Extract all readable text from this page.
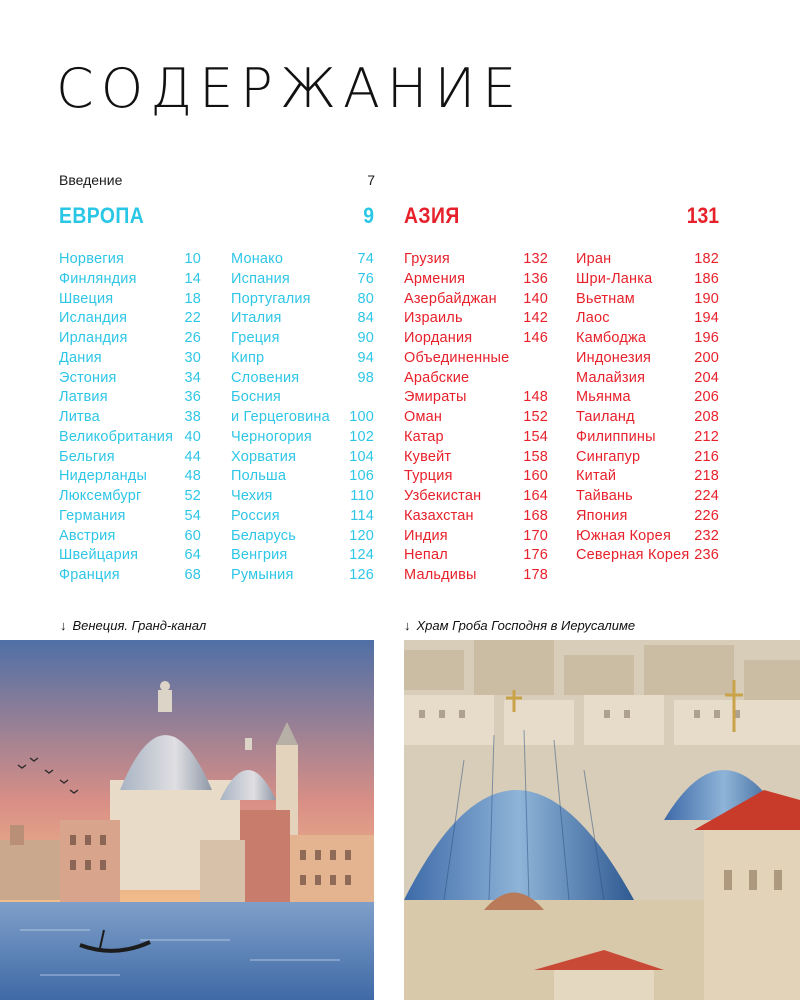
СОДЕРЖАНИЕ
Введение	7
ЕВРОПА	9 АЗИЯ	131
Норвегия	10
Финляндия	14
Швеция	18
Исландия	22
Ирландия	26
Дания	30
Эстония	34
Латвия	36
Литва	38
Великобритания 40
Бельгия	44
Нидерланды	48
Люксембург	52
Германия	54
Австрия	60
Швейцария	64
Франция	68
Монако	74
Испания	76
Португалия	80
Италия	84
Греция	90
Кипр	94
Словения	98
Босния
и Герцеговина 100
Черногория	102
Хорватия	104
Польша	106
Чехия	110
Россия	114
Беларусь	120
Венгрия	124
Румыния	126
Грузия	132
Армения	136
Азербайджан 140
Израиль	142
Иордания	146
Объединенные
Арабские
Эмираты	148
Оман	152
Катар	154
Кувейт	158
Турция	160
Узбекистан	164
Казахстан	168
Индия	170
Непал	176
Мальдивы	178
Иран	182
Шри-Ланка	186
Вьетнам	190
Лаос	194
Камбоджа	196
Индонезия	200
Малайзия	204
Мьянма	206
Таиланд	208
Филиппины	212
Сингапур	216
Китай	218
Тайвань	224
Япония	226
Южная Корея 232
Северная Корея 236
↓ Венеция. Гранд-канал	↓ Храм Гроба Господня в Иерусалиме
